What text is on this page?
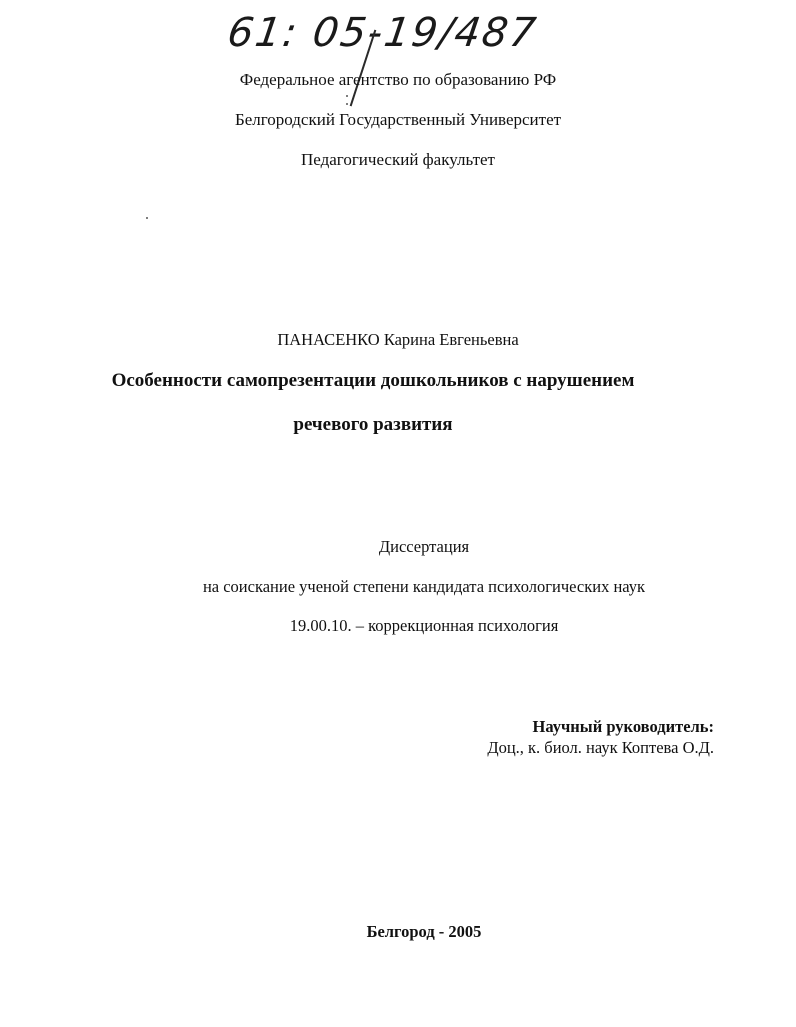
61: 05-19/487
Федеральное агентство по образованию РФ
Белгородский Государственный Университет
Педагогический факультет
ПАНАСЕНКО Карина Евгеньевна
Особенности самопрезентации дошкольников с нарушением
речевого развития
Диссертация
на соискание ученой степени кандидата психологических наук
19.00.10. – коррекционная психология
Научный руководитель:
Доц., к. биол. наук Коптева О.Д.
Белгород - 2005
